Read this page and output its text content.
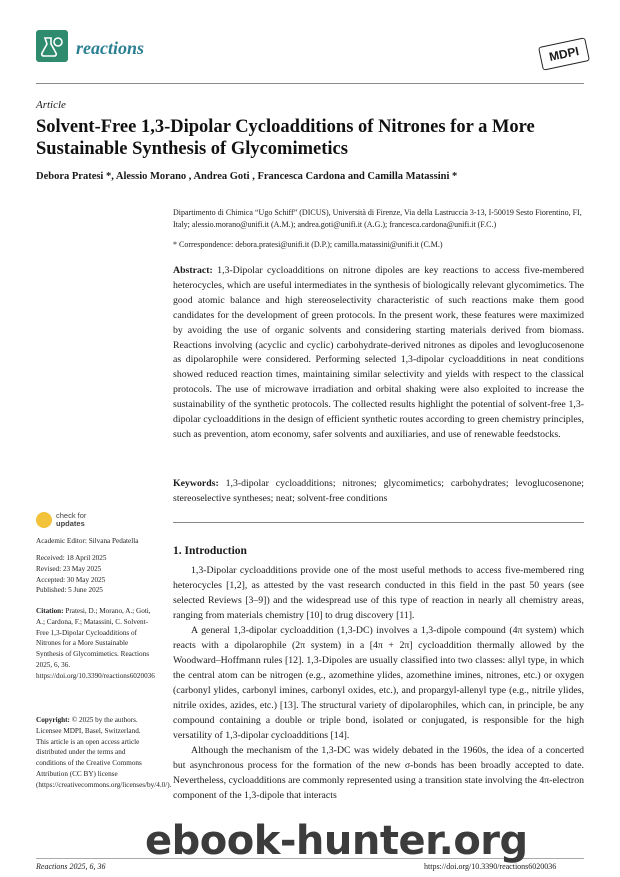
reactions	MDPI
Article
Solvent-Free 1,3-Dipolar Cycloadditions of Nitrones for a More Sustainable Synthesis of Glycomimetics
Debora Pratesi *, Alessio Morano , Andrea Goti , Francesca Cardona and Camilla Matassini *
Dipartimento di Chimica “Ugo Schiff” (DICUS), Università di Firenze, Via della Lastruccia 3-13, I-50019 Sesto Fiorentino, FI, Italy; alessio.morano@unifi.it (A.M.); andrea.goti@unifi.it (A.G.); francesca.cardona@unifi.it (F.C.)
* Correspondence: debora.pratesi@unifi.it (D.P.); camilla.matassini@unifi.it (C.M.)
Abstract: 1,3-Dipolar cycloadditions on nitrone dipoles are key reactions to access five-membered heterocycles, which are useful intermediates in the synthesis of biologically relevant glycomimetics. The good atomic balance and high stereoselectivity characteristic of such reactions make them good candidates for the development of green protocols. In the present work, these features were maximized by avoiding the use of organic solvents and considering starting materials derived from biomass. Reactions involving (acyclic and cyclic) carbohydrate-derived nitrones as dipoles and levoglucosenone as dipolarophile were considered. Performing selected 1,3-dipolar cycloadditions in neat conditions showed reduced reaction times, maintaining similar selectivity and yields with respect to the classical protocols. The use of microwave irradiation and orbital shaking were also exploited to increase the sustainability of the synthetic protocols. The collected results highlight the potential of solvent-free 1,3-dipolar cycloadditions in the design of efficient synthetic routes according to green chemistry principles, such as prevention, atom economy, safer solvents and auxiliaries, and use of renewable feedstocks.
Keywords: 1,3-dipolar cycloadditions; nitrones; glycomimetics; carbohydrates; levoglucosenone; stereoselective syntheses; neat; solvent-free conditions
check for
updates
Academic Editor: Silvana Pedatella

Received: 18 April 2025

Revised: 23 May 2025

Accepted: 30 May 2025

Published: 5 June 2025

Citation: Pratesi, D.; Morano, A.; Goti, A.; Cardona, F.; Matassini, C. Solvent-Free 1,3-Dipolar Cycloadditions of Nitrones for a More Sustainable Synthesis of Glycomimetics. Reactions 2025, 6, 36. https://doi.org/10.3390/reactions6020036
Copyright: © 2025 by the authors. Licensee MDPI, Basel, Switzerland. This article is an open access article distributed under the terms and conditions of the Creative Commons Attribution (CC BY) license (https://creativecommons.org/licenses/by/4.0/).
1. Introduction

1,3-Dipolar cycloadditions provide one of the most useful methods to access five-membered ring heterocycles [1,2], as attested by the vast research conducted in this field in the past 50 years (see selected Reviews [3–9]) and the widespread use of this type of reaction in nearly all chemistry areas, ranging from materials chemistry [10] to drug discovery [11].

A general 1,3-dipolar cycloaddition (1,3-DC) involves a 1,3-dipole compound (4π system) which reacts with a dipolarophile (2π system) in a [4π + 2π] cycloaddition thermally allowed by the Woodward–Hoffmann rules [12]. 1,3-Dipoles are usually classified into two classes: allyl type, in which the central atom can be nitrogen (e.g., azomethine ylides, azomethine imines, nitrones, etc.) or oxygen (carbonyl ylides, carbonyl imines, carbonyl oxides, etc.), and propargyl-allenyl type (e.g., nitrile ylides, nitrile oxides, azides, etc.) [13]. The structural variety of dipolarophiles, which can, in principle, be any compound containing a double or triple bond, isolated or conjugated, is responsible for the high versatility of 1,3-dipolar cycloadditions [14].

Although the mechanism of the 1,3-DC was widely debated in the 1960s, the idea of a concerted but asynchronous process for the formation of the new σ-bonds has been broadly accepted to date. Nevertheless, cycloadditions are commonly represented using a transition state involving the 4π-electron component of the 1,3-dipole that interacts

Reactions 2025, 6, 36	https://doi.org/10.3390/reactions6020036
ebook-hunter.org
